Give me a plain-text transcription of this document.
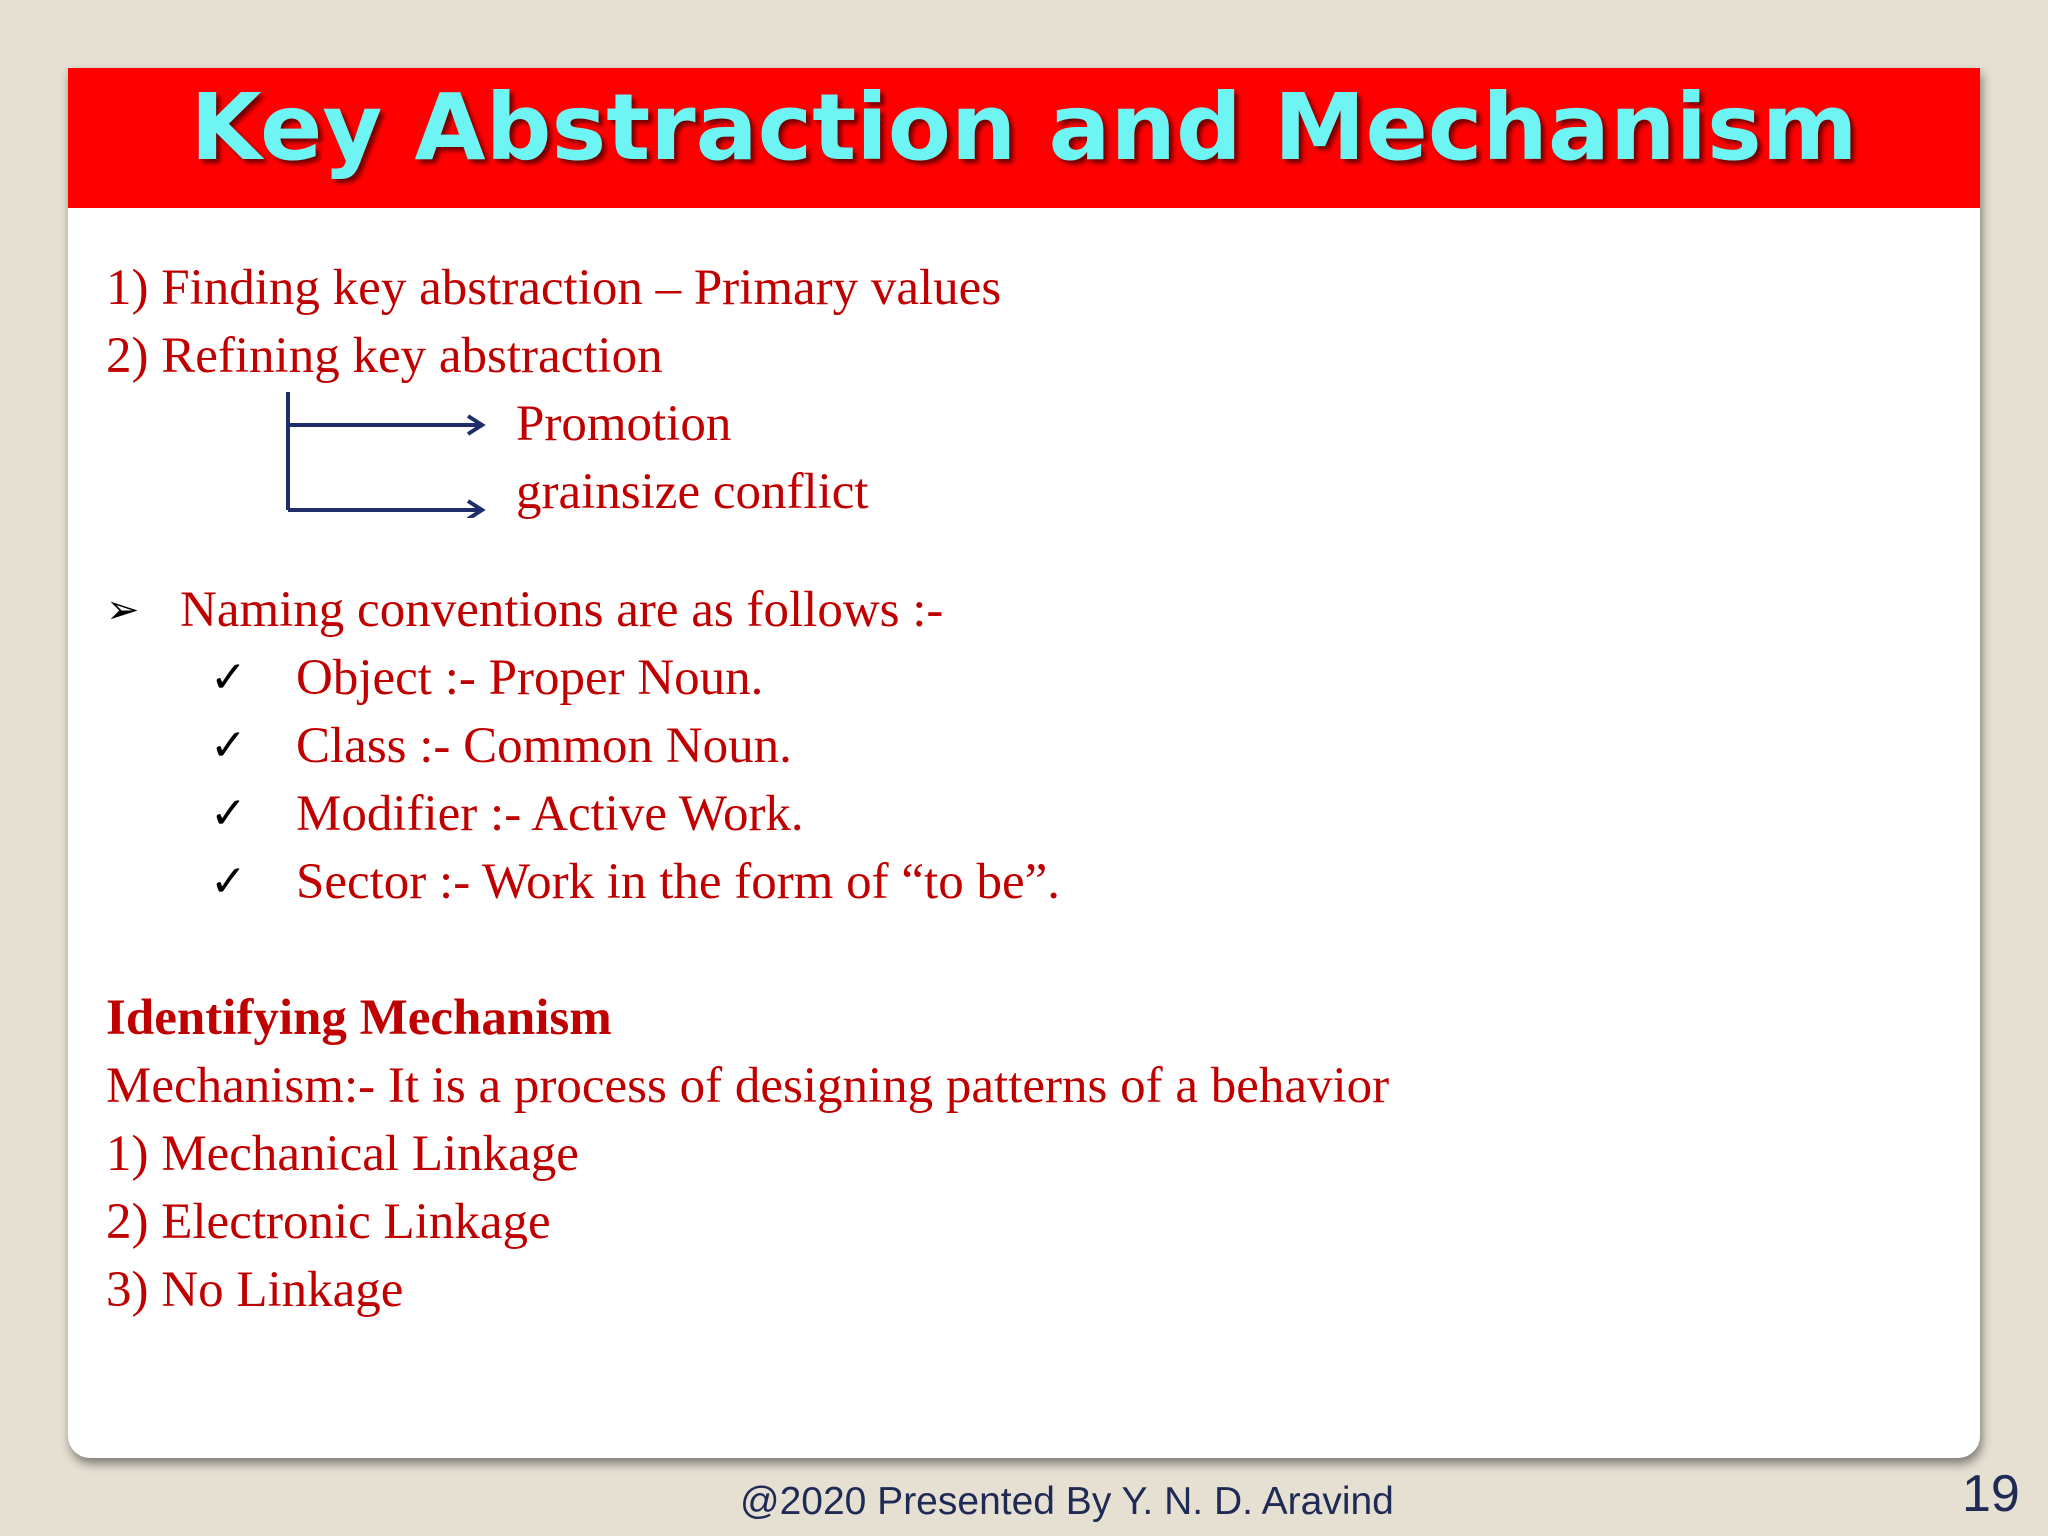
Key Abstraction and Mechanism
1) Finding key abstraction – Primary values
2) Refining key abstraction
Promotion
grainsize conflict
➢ Naming conventions are as follows :-
✓ Object :- Proper Noun.
✓ Class :- Common Noun.
✓ Modifier :- Active Work.
✓ Sector :- Work in the form of “to be”.
Identifying Mechanism
Mechanism:- It is a process of designing patterns of a behavior
1) Mechanical Linkage
2) Electronic Linkage
3) No Linkage
@2020 Presented By Y. N. D. Aravind	19
